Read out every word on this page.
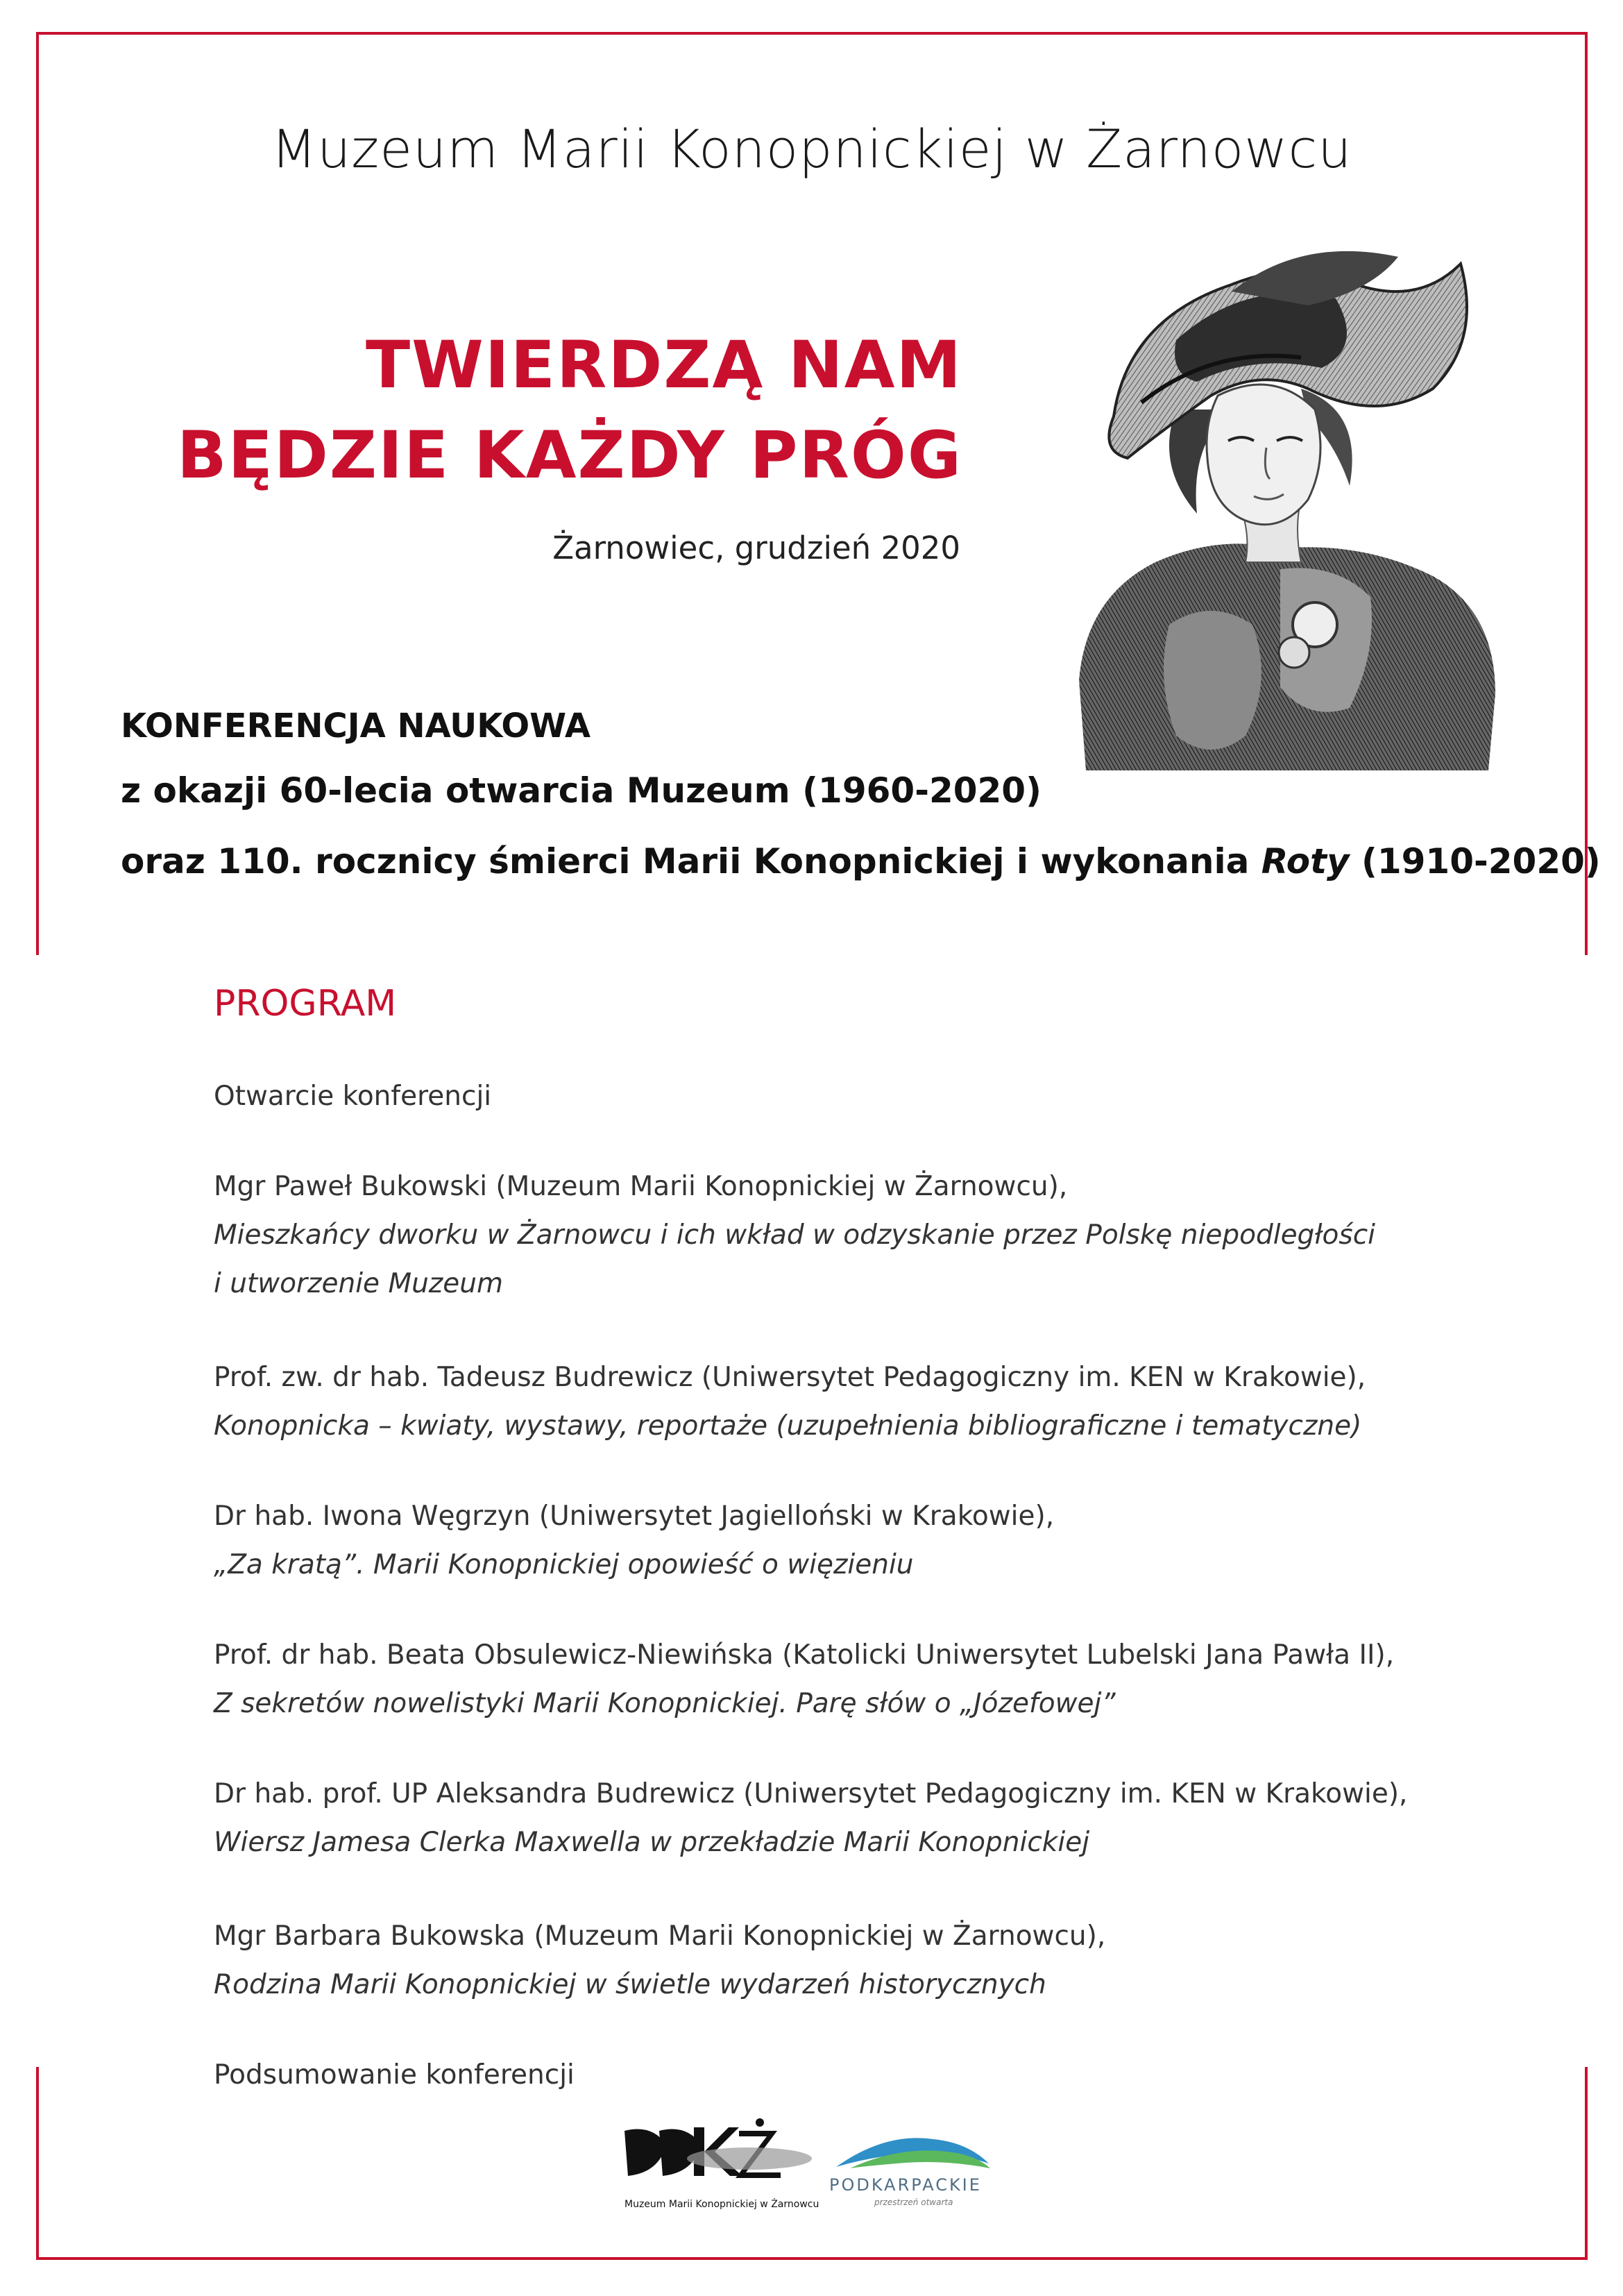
Muzeum Marii Konopnickiej w Żarnowcu
TWIERDZĄ NAM
BĘDZIE KAŻDY PRÓG
Żarnowiec, grudzień 2020
KONFERENCJA NAUKOWA
z okazji 60-lecia otwarcia Muzeum (1960-2020)
oraz 110. rocznicy śmierci Marii Konopnickiej i wykonania Roty (1910-2020)
PROGRAM
Otwarcie konferencji
Mgr Paweł Bukowski (Muzeum Marii Konopnickiej w Żarnowcu),
Mieszkańcy dworku w Żarnowcu i ich wkład w odzyskanie przez Polskę niepodległości
i utworzenie Muzeum
Prof. zw. dr hab. Tadeusz Budrewicz (Uniwersytet Pedagogiczny im. KEN w Krakowie),
Konopnicka – kwiaty, wystawy, reportaże (uzupełnienia bibliograficzne i tematyczne)
Dr hab. Iwona Węgrzyn (Uniwersytet Jagielloński w Krakowie),
„Za kratą”. Marii Konopnickiej opowieść o więzieniu
Prof. dr hab. Beata Obsulewicz-Niewińska (Katolicki Uniwersytet Lubelski Jana Pawła II),
Z sekretów nowelistyki Marii Konopnickiej. Parę słów o „Józefowej”
Dr hab. prof. UP Aleksandra Budrewicz (Uniwersytet Pedagogiczny im. KEN w Krakowie),
Wiersz Jamesa Clerka Maxwella w przekładzie Marii Konopnickiej
Mgr Barbara Bukowska (Muzeum Marii Konopnickiej w Żarnowcu),
Rodzina Marii Konopnickiej w świetle wydarzeń historycznych
Podsumowanie konferencji
Muzeum Marii Konopnickiej w Żarnowcu
PODKARPACKIE
przestrzeń otwarta
